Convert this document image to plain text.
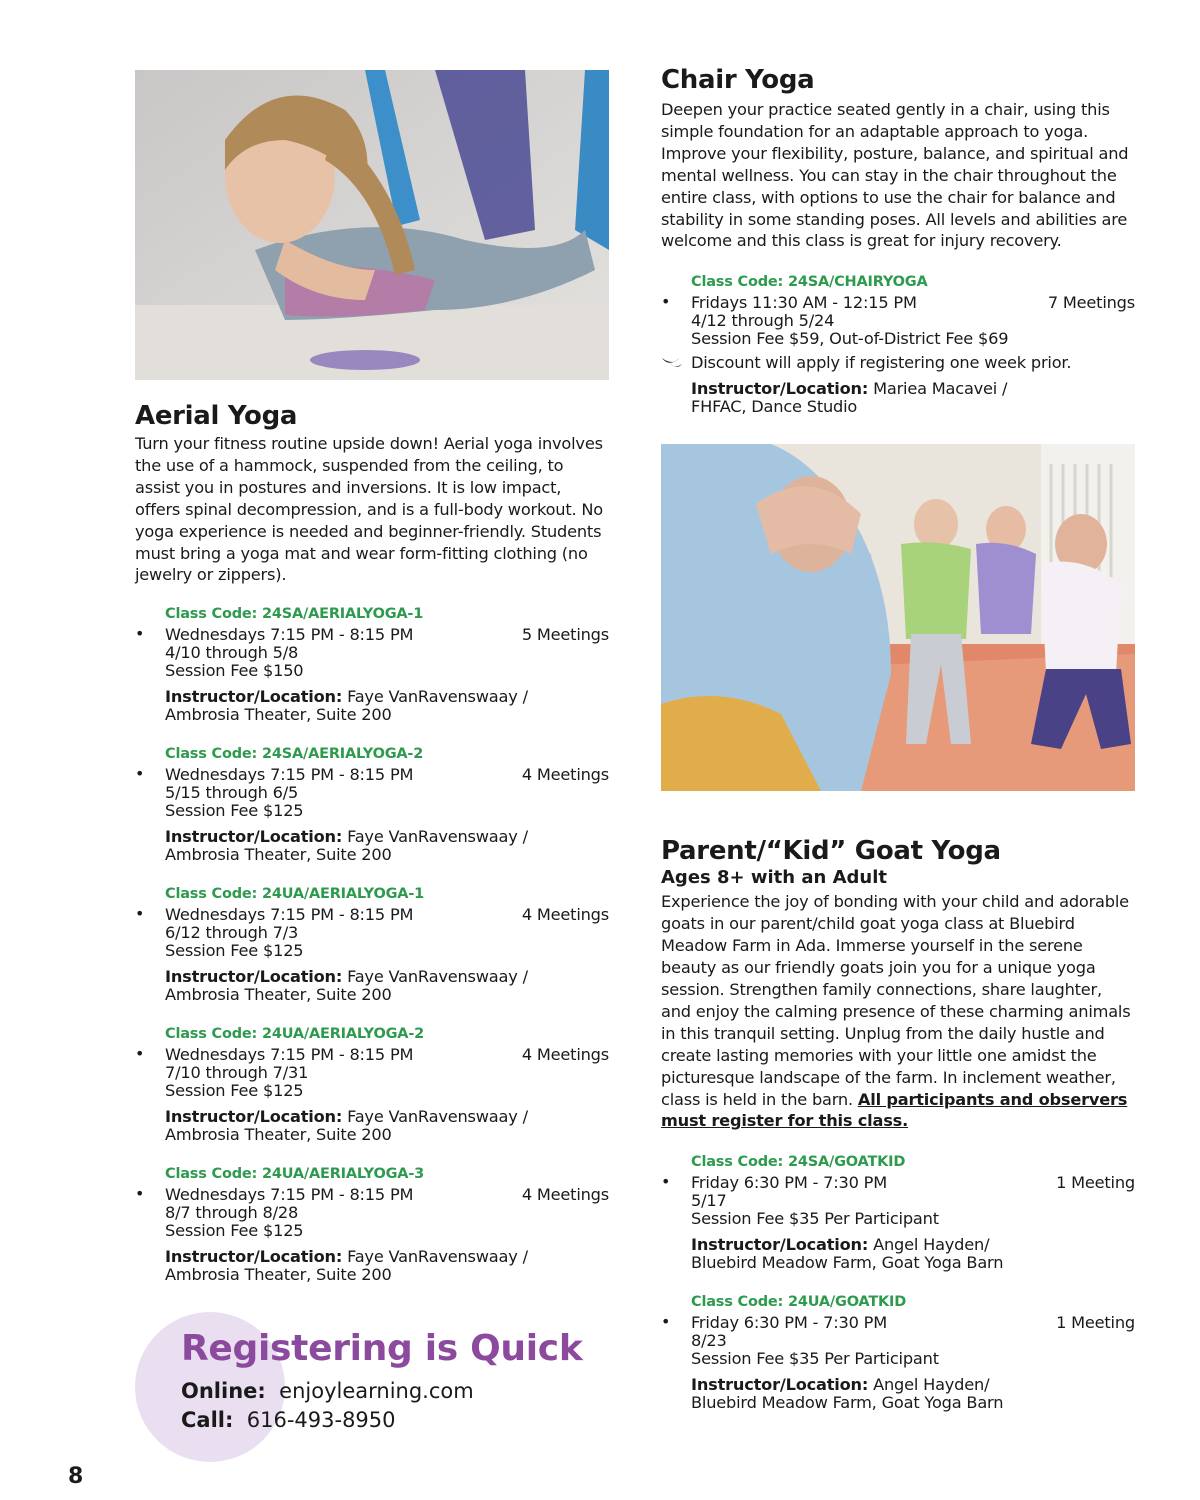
Aerial Yoga

Turn your fitness routine upside down! Aerial yoga involves the use of a hammock, suspended from the ceiling, to assist you in postures and inversions. It is low impact, offers spinal decompression, and is a full-body workout. No yoga experience is needed and beginner-friendly. Students must bring a yoga mat and wear form-fitting clothing (no jewelry or zippers).

Class Code: 24SA/AERIALYOGA-1
• Wednesdays 7:15 PM - 8:15 PM	5 Meetings
4/10 through 5/8
Session Fee $150
Instructor/Location: Faye VanRavenswaay /
Ambrosia Theater, Suite 200
Class Code: 24SA/AERIALYOGA-2
• Wednesdays 7:15 PM - 8:15 PM	4 Meetings
5/15 through 6/5
Session Fee $125
Instructor/Location: Faye VanRavenswaay /
Ambrosia Theater, Suite 200
Class Code: 24UA/AERIALYOGA-1
• Wednesdays 7:15 PM - 8:15 PM	4 Meetings
6/12 through 7/3
Session Fee $125
Instructor/Location: Faye VanRavenswaay /
Ambrosia Theater, Suite 200
Class Code: 24UA/AERIALYOGA-2
• Wednesdays 7:15 PM - 8:15 PM	4 Meetings
7/10 through 7/31
Session Fee $125
Instructor/Location: Faye VanRavenswaay /
Ambrosia Theater, Suite 200
Class Code: 24UA/AERIALYOGA-3
• Wednesdays 7:15 PM - 8:15 PM	4 Meetings
8/7 through 8/28
Session Fee $125
Instructor/Location: Faye VanRavenswaay /
Ambrosia Theater, Suite 200
Chair Yoga

Deepen your practice seated gently in a chair, using this simple foundation for an adaptable approach to yoga. Improve your flexibility, posture, balance, and spiritual and mental wellness. You can stay in the chair throughout the entire class, with options to use the chair for balance and stability in some standing poses. All levels and abilities are welcome and this class is great for injury recovery.

Class Code: 24SA/CHAIRYOGA
• Fridays 11:30 AM - 12:15 PM	7 Meetings
4/12 through 5/24
Session Fee $59, Out-of-District Fee $69
Discount will apply if registering one week prior.
Instructor/Location: Mariea Macavei /
FHFAC, Dance Studio
Parent/“Kid” Goat Yoga
Ages 8+ with an Adult

Experience the joy of bonding with your child and adorable goats in our parent/child goat yoga class at Bluebird Meadow Farm in Ada. Immerse yourself in the serene beauty as our friendly goats join you for a unique yoga session. Strengthen family connections, share laughter, and enjoy the calming presence of these charming animals in this tranquil setting. Unplug from the daily hustle and create lasting memories with your little one amidst the picturesque landscape of the farm. In inclement weather, class is held in the barn. All participants and observers must register for this class.

Class Code: 24SA/GOATKID
• Friday 6:30 PM - 7:30 PM	1 Meeting
5/17
Session Fee $35 Per Participant
Instructor/Location: Angel Hayden/
Bluebird Meadow Farm, Goat Yoga Barn
Class Code: 24UA/GOATKID
• Friday 6:30 PM - 7:30 PM	1 Meeting
8/23
Session Fee $35 Per Participant
Instructor/Location: Angel Hayden/
Bluebird Meadow Farm, Goat Yoga Barn
Registering is Quick
Online: enjoylearning.com
Call: 616-493-8950
8
